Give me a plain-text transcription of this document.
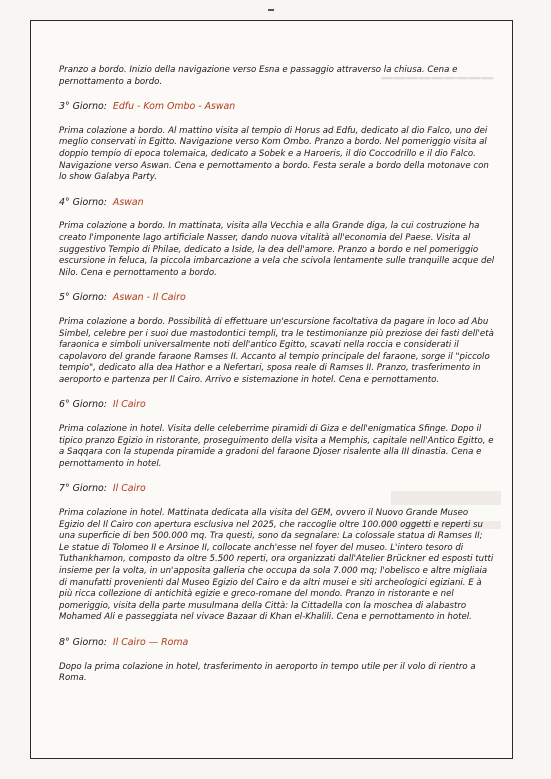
▔▔▔▔▔▔▔▔▔

Pranzo a bordo. Inizio della navigazione verso Esna e passaggio attraverso la chiusa. Cena e pernottamento a bordo.

3° Giorno: Edfu - Kom Ombo - Aswan

Prima colazione a bordo. Al mattino visita al tempio di Horus ad Edfu, dedicato al dio Falco, uno dei meglio conservati in Egitto. Navigazione verso Kom Ombo. Pranzo a bordo. Nel pomeriggio visita al doppio tempio di epoca tolemaica, dedicato a Sobek e a Haroeris, il dio Coccodrillo e il dio Falco. Navigazione verso Aswan. Cena e pernottamento a bordo. Festa serale a bordo della motonave con lo show Galabya Party.

4° Giorno: Aswan

Prima colazione a bordo. In mattinata, visita alla Vecchia e alla Grande diga, la cui costruzione ha creato l'imponente lago artificiale Nasser, dando nuova vitalità all'economia del Paese. Visita al suggestivo Tempio di Philae, dedicato a Iside, la dea dell'amore. Pranzo a bordo e nel pomeriggio escursione in feluca, la piccola imbarcazione a vela che scivola lentamente sulle tranquille acque del Nilo. Cena e pernottamento a bordo.

5° Giorno: Aswan - Il Cairo

Prima colazione a bordo. Possibilità di effettuare un'escursione facoltativa da pagare in loco ad Abu Simbel, celebre per i suoi due mastodontici templi, tra le testimonianze più preziose dei fasti dell'età faraonica e simboli universalmente noti dell'antico Egitto, scavati nella roccia e considerati il capolavoro del grande faraone Ramses II. Accanto al tempio principale del faraone, sorge il "piccolo tempio", dedicato alla dea Hathor e a Nefertari, sposa reale di Ramses II. Pranzo, trasferimento in aeroporto e partenza per Il Cairo. Arrivo e sistemazione in hotel. Cena e pernottamento.

6° Giorno: Il Cairo

Prima colazione in hotel. Visita delle celeberrime piramidi di Giza e dell'enigmatica Sfinge. Dopo il tipico pranzo Egizio in ristorante, proseguimento della visita a Memphis, capitale nell'Antico Egitto, e a Saqqara con la stupenda piramide a gradoni del faraone Djoser risalente alla III dinastia. Cena e pernottamento in hotel.

7° Giorno: Il Cairo

Prima colazione in hotel. Mattinata dedicata alla visita del GEM, ovvero il Nuovo Grande Museo Egizio del Il Cairo con apertura esclusiva nel 2025, che raccoglie oltre 100.000 oggetti e reperti su una superficie di ben 500.000 mq. Tra questi, sono da segnalare: La colossale statua di Ramses II; Le statue di Tolomeo II e Arsinoe II, collocate anch'esse nel foyer del museo. L'intero tesoro di Tuthankhamon, composto da oltre 5.500 reperti, ora organizzati dall'Atelier Brückner ed esposti tutti insieme per la volta, in un'apposita galleria che occupa da sola 7.000 mq; l'obelisco e altre migliaia di manufatti provenienti dal Museo Egizio del Cairo e da altri musei e siti archeologici egiziani. E à più ricca collezione di antichità egizie e greco-romane del mondo. Pranzo in ristorante e nel pomeriggio, visita della parte musulmana della Città: la Cittadella con la moschea di alabastro Mohamed Ali e passeggiata nel vivace Bazaar di Khan el-Khalili. Cena e pernottamento in hotel.

8° Giorno: Il Cairo — Roma

Dopo la prima colazione in hotel, trasferimento in aeroporto in tempo utile per il volo di rientro a Roma.
